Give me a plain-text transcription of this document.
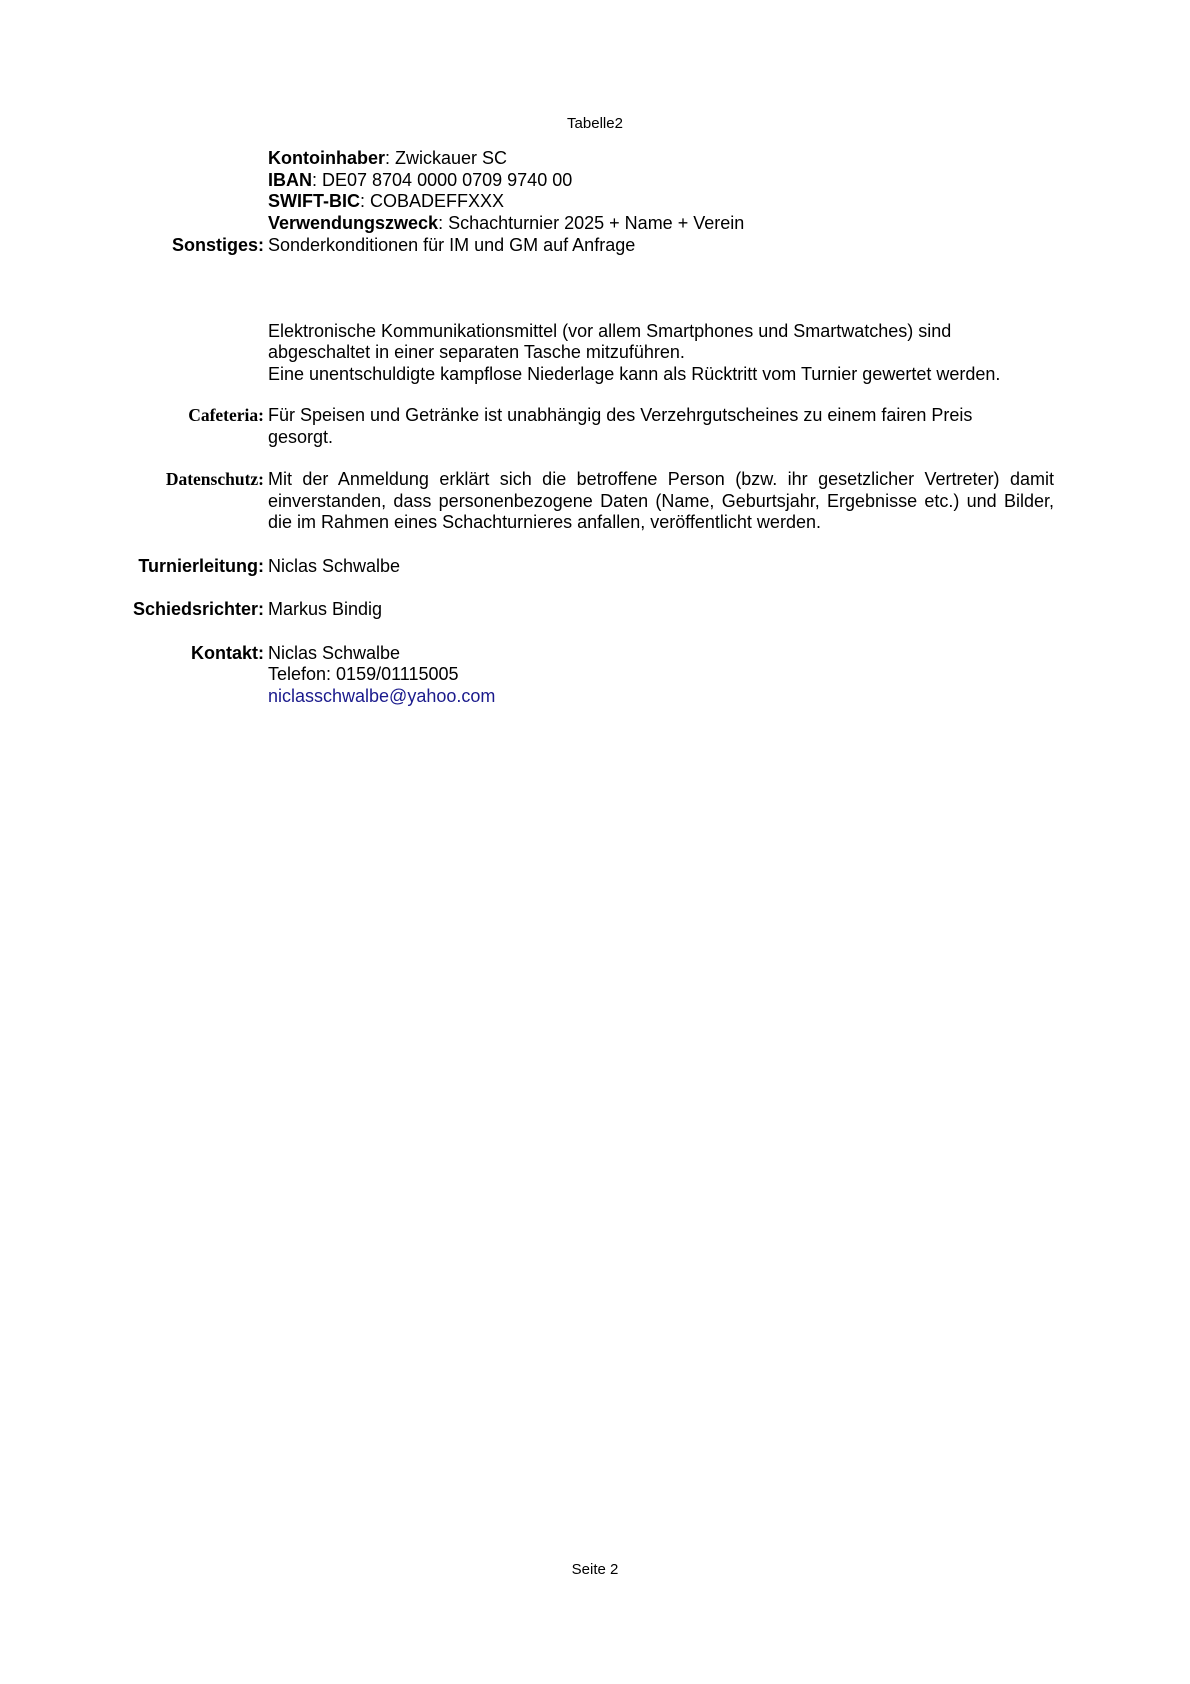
Tabelle2
Kontoinhaber: Zwickauer SC
IBAN: DE07 8704 0000 0709 9740 00
SWIFT-BIC: COBADEFFXXX
Verwendungszweck: Schachturnier 2025 + Name + Verein
Sonstiges: Sonderkonditionen für IM und GM auf Anfrage
Elektronische Kommunikationsmittel (vor allem Smartphones und Smartwatches) sind
abgeschaltet in einer separaten Tasche mitzuführen.
Eine unentschuldigte kampflose Niederlage kann als Rücktritt vom Turnier gewertet werden.
Cafeteria: Für Speisen und Getränke ist unabhängig des Verzehrgutscheines zu einem fairen Preis gesorgt.
Datenschutz: Mit der Anmeldung erklärt sich die betroffene Person (bzw. ihr gesetzlicher Vertreter) damit einverstanden, dass personenbezogene Daten (Name, Geburtsjahr, Ergebnisse etc.) und Bilder, die im Rahmen eines Schachturnieres anfallen, veröffentlicht werden.
Turnierleitung: Niclas Schwalbe
Schiedsrichter: Markus Bindig
Kontakt: Niclas Schwalbe
Telefon: 0159/01115005
niclasschwalbe@yahoo.com
Seite 2
